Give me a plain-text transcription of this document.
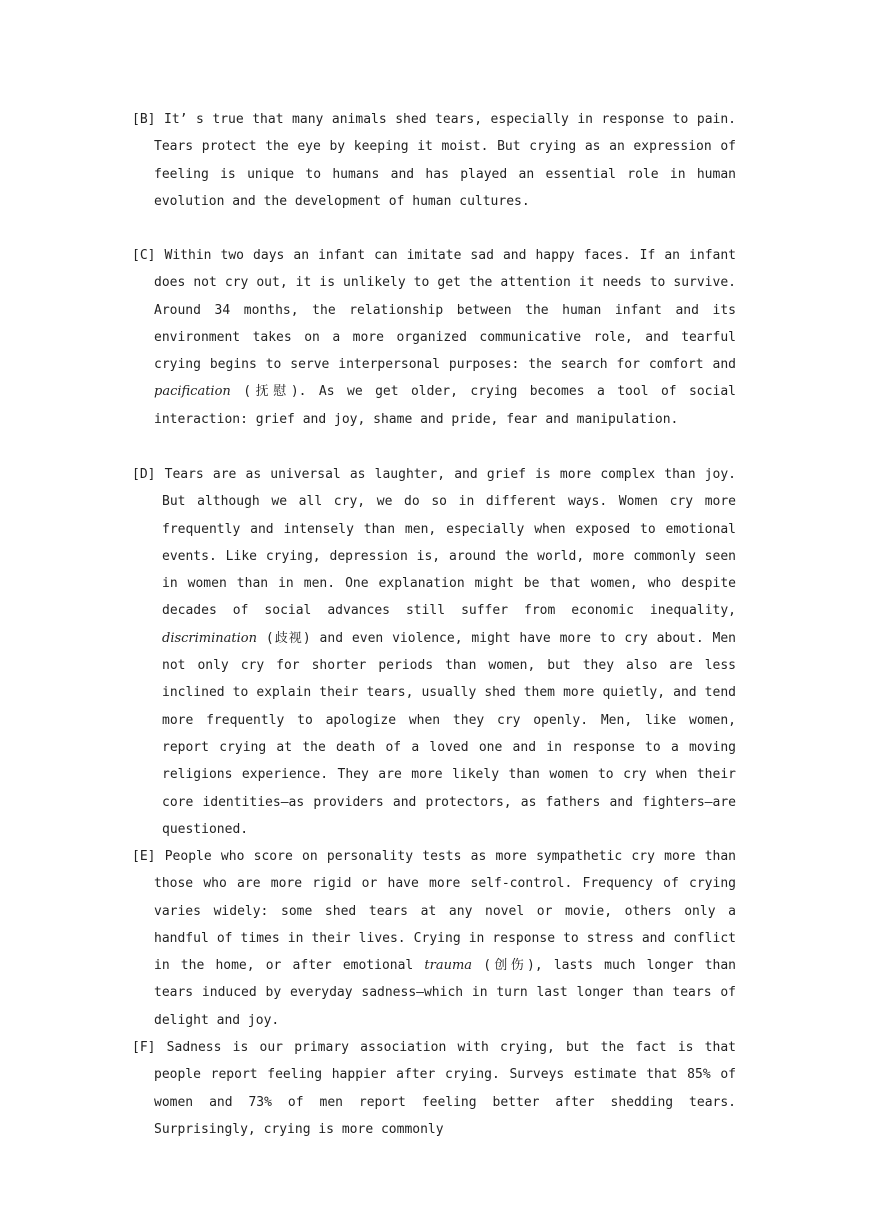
[B] It’ s true that many animals shed tears, especially in response to pain. Tears protect the eye by keeping it moist. But crying as an expression of feeling is unique to humans and has played an essential role in human evolution and the development of human cultures.

[C] Within two days an infant can imitate sad and happy faces. If an infant does not cry out, it is unlikely to get the attention it needs to survive. Around 34 months, the relationship between the human infant and its environment takes on a more organized communicative role, and tearful crying begins to serve interpersonal purposes: the search for comfort and pacification (抚慰). As we get older, crying becomes a tool of social interaction: grief and joy, shame and pride, fear and manipulation.

[D] Tears are as universal as laughter, and grief is more complex than joy. But although we all cry, we do so in different ways. Women cry more frequently and intensely than men, especially when exposed to emotional events. Like crying, depression is, around the world, more commonly seen in women than in men. One explanation might be that women, who despite decades of social advances still suffer from economic inequality, discrimination (歧视) and even violence, might have more to cry about. Men not only cry for shorter periods than women, but they also are less inclined to explain their tears, usually shed them more quietly, and tend more frequently to apologize when they cry openly. Men, like women, report crying at the death of a loved one and in response to a moving religions experience. They are more likely than women to cry when their core identities—as providers and protectors, as fathers and fighters—are questioned.

[E] People who score on personality tests as more sympathetic cry more than those who are more rigid or have more self-control. Frequency of crying varies widely: some shed tears at any novel or movie, others only a handful of times in their lives. Crying in response to stress and conflict in the home, or after emotional trauma (创伤), lasts much longer than tears induced by everyday sadness—which in turn last longer than tears of delight and joy.

[F] Sadness is our primary association with crying, but the fact is that people report feeling happier after crying. Surveys estimate that 85% of women and 73% of men report feeling better after shedding tears. Surprisingly, crying is more commonly
